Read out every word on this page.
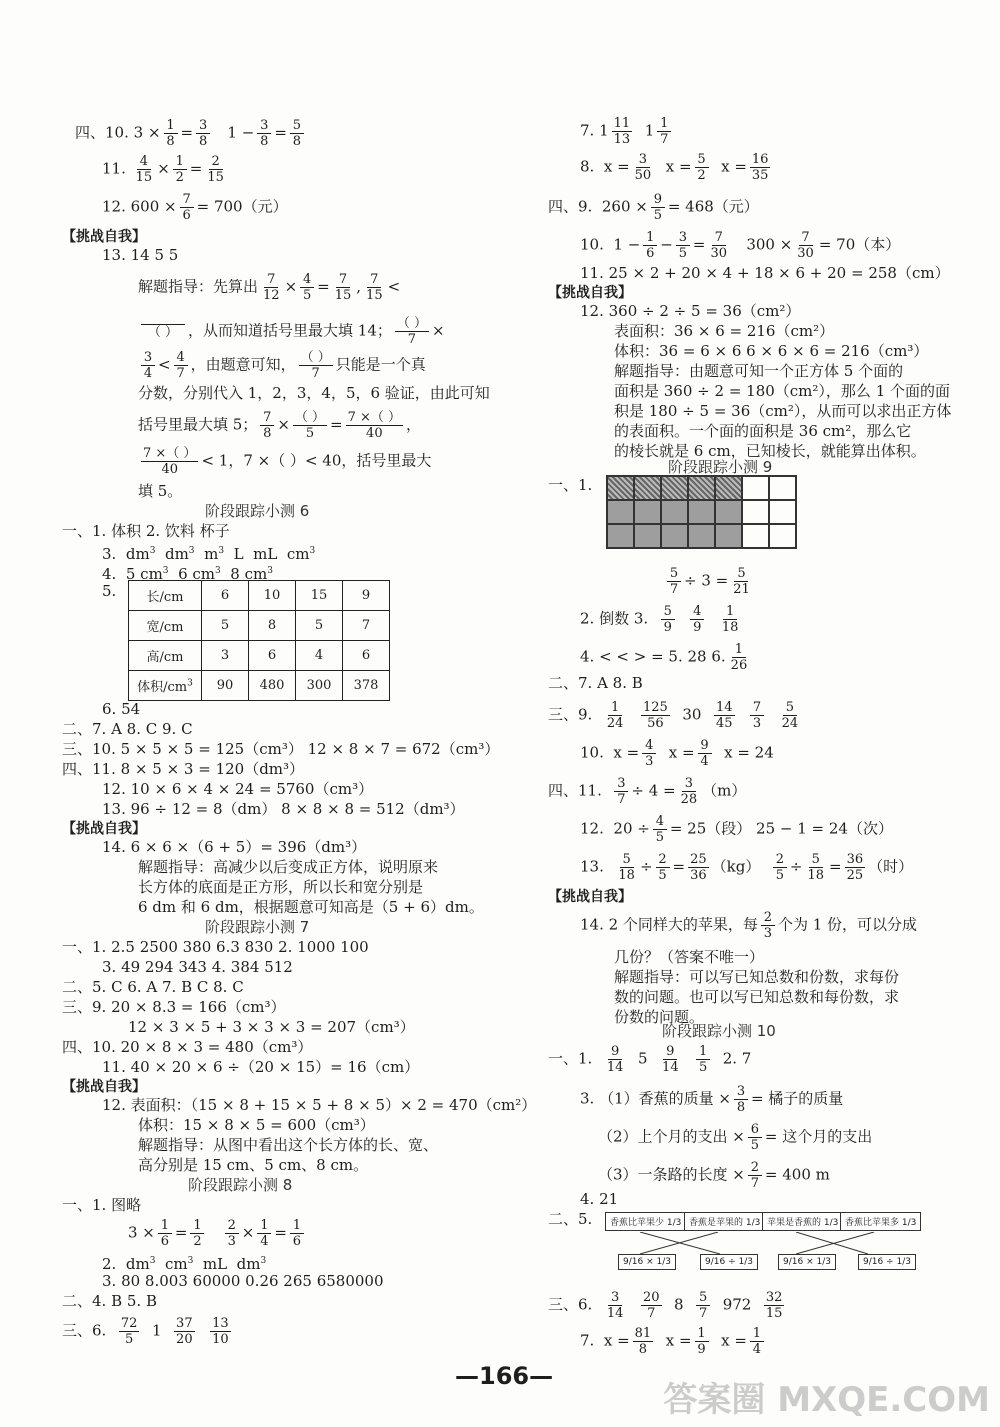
四、10. $3 \times \frac{1}{8} = \frac{3}{8} 1 - \frac{3}{8} = \frac{5}{8}$
11. $\frac{4}{15} \times \frac{1}{2} = \frac{2}{15}$
12. $600 \times \frac{7}{6} = 700$（元）
【挑战自我】
13. 14 5 5
解题指导：先算出 $\frac{7}{12} \times \frac{4}{5} = \frac{7}{15}$ , $\frac{7}{15}$ <
（ ） ，从而知道括号里最大填 14； $\frac{( )}{7}$ ×
$\frac{3}{4} < \frac{4}{7}$ ，由题意可知， $\frac{( )}{7}$ 只能是一个真
分数，分别代入 1，2，3，4，5，6 验证，由此可知
括号里最大填 5； $\frac{7}{8} \times \frac{( )}{5} = \frac{7 \times( )}{40}$ ，
$\frac{7 \times( )}{40} < 1$，7 ×（ ）< 40，括号里最大
填 5。
阶段跟踪小测 6
一、1. 体积 2. 饮料 杯子
3. $dm^3$ $dm^3$ $m^3$ L mL $cm^3$
4. 5 $cm^3$ 6 $cm^3$ 8 $cm^3$
5. 长/cm	6	10	15	9
宽/cm	5	8	5	7
高/cm	3	6	4	6
体积$/cm^3$	90	480	300	378
6. 54
二、7. A 8. C 9. C
三、10. 5 × 5 × 5 = 125（cm³） 12 × 8 × 7 = 672（cm³）
四、11. 8 × 5 × 3 = 120（dm³）
12. 10 × 6 × 4 × 24 = 5760（cm³）
13. 96 ÷ 12 = 8（dm） 8 × 8 × 8 = 512（dm³）
【挑战自我】
14. 6 × 6 ×（6 + 5）= 396（dm³）
解题指导：高减少以后变成正方体，说明原来
长方体的底面是正方形，所以长和宽分别是
6 dm 和 6 dm，根据题意可知高是（5 + 6）dm。
阶段跟踪小测 7
一、1. 2.5 2500 380 6.3 830 2. 1000 100
3. 49 294 343 4. 384 512
二、5. C 6. A 7. B C 8. C
三、9. 20 × 8.3 = 166（cm³）
12 × 3 × 5 + 3 × 3 × 3 = 207（cm³）
四、10. 20 × 8 × 3 = 480（cm³）
11. 40 × 20 × 6 ÷（20 × 15）= 16（cm）
【挑战自我】
12. 表面积：（15 × 8 + 15 × 5 + 8 × 5）× 2 = 470（cm²）
体积：15 × 8 × 5 = 600（cm³）
解题指导：从图中看出这个长方体的长、宽、
高分别是 15 cm、5 cm、8 cm。
阶段跟踪小测 8
一、1. 图略
$3 \times \frac{1}{6} = \frac{1}{2}$
$\frac{2}{3} \times \frac{1}{4} = \frac{1}{6}$
2. $dm^3$ $cm^3$ mL $dm^3$
3. 80 8.003 60000 0.26 265 6580000
二、4. B 5. B
三、6. $\frac{72}{5} 1 \frac{37}{20}$
$\frac{13}{10}$
7. $1 \frac{11}{13} 1 \frac{1}{7}$
8. $x = \frac{3}{50}$ $x = \frac{5}{2}$ $x = \frac{16}{35}$
四、9. $260 \times \frac{9}{5} = 468$（元）
10. $1 - \frac{1}{6} - \frac{3}{5} = \frac{7}{30} 300 \times \frac{7}{30} = 70$（本）
11. 25 × 2 + 20 × 4 + 18 × 6 + 20 = 258（cm）
【挑战自我】
12. 360 ÷ 2 ÷ 5 = 36（cm²）
表面积：36 × 6 = 216（cm²）
体积：36 = 6 × 6 6 × 6 × 6 = 216（cm³）
解题指导：由题意可知一个正方体 5 个面的
面积是 360 ÷ 2 = 180（cm²），那么 1 个面的面
积是 180 ÷ 5 = 36（cm²），从而可以求出正方体
的表面积。一个面的面积是 36 cm²，那么它
的棱长就是 6 cm，已知棱长，就能算出体积。
阶段跟踪小测 9
一、1.
$\frac{5}{7} \div 3 = \frac{5}{21}$
2. 倒数 3. $\frac{5}{9}$
$\frac{4}{9}$
$\frac{1}{18}$
4. < < > = 5. 28 6. $\frac{1}{26}$
二、7. A 8. B
三、9. $\frac{1}{24}$
$\frac{125}{56} 30 \frac{14}{45}$
$\frac{7}{3}$
$\frac{5}{24}$
10. $x = \frac{4}{3}$ $x = \frac{9}{4}$ x = 24
四、11. $\frac{3}{7} \div 4 = \frac{3}{28} (m)$
12. $20 \div \frac{4}{5} = 25$（段） 25 − 1 = 24（次）
13. $\frac{5}{18} \div \frac{2}{5} = \frac{25}{36} (kg) \frac{2}{5} \div \frac{5}{18} = \frac{36}{25}$ （时）
【挑战自我】
14. 2 个同样大的苹果，每 $\frac{2}{3}$ 个为 1 份，可以分成
几份？（答案不唯一）
解题指导：可以写已知总数和份数，求每份
数的问题。也可以写已知总数和每份数，求
份数的问题。
阶段跟踪小测 10
一、1. $\frac{9}{14} 5 \frac{9}{14}$
$\frac{1}{5} 2$. 7
3. （1）香蕉的质量 × $\frac{3}{8}$ = 橘子的质量
（2）上个月的支出 × $\frac{6}{5}$ = 这个月的支出
（3）一条路的长度 × $\frac{2}{7} = 400$ m
4. 21
二、5.	香蕉比苹果少 1/3 香蕉是苹果的 1/3 苹果是香蕉的 1/3 香蕉比苹果多 1/3
9/16 × 1/3	9/16 ÷ 1/3	9/16 × 1/3	9/16 ÷ 1/3
三、6. $\frac{3}{14}$
$\frac{20}{7} 8 \frac{5}{7} 972 \frac{32}{15}$
7. $x = \frac{81}{8}$ $x = \frac{1}{9}$ $x = \frac{1}{4}$
—166—
答案圈 MXQE.COM
